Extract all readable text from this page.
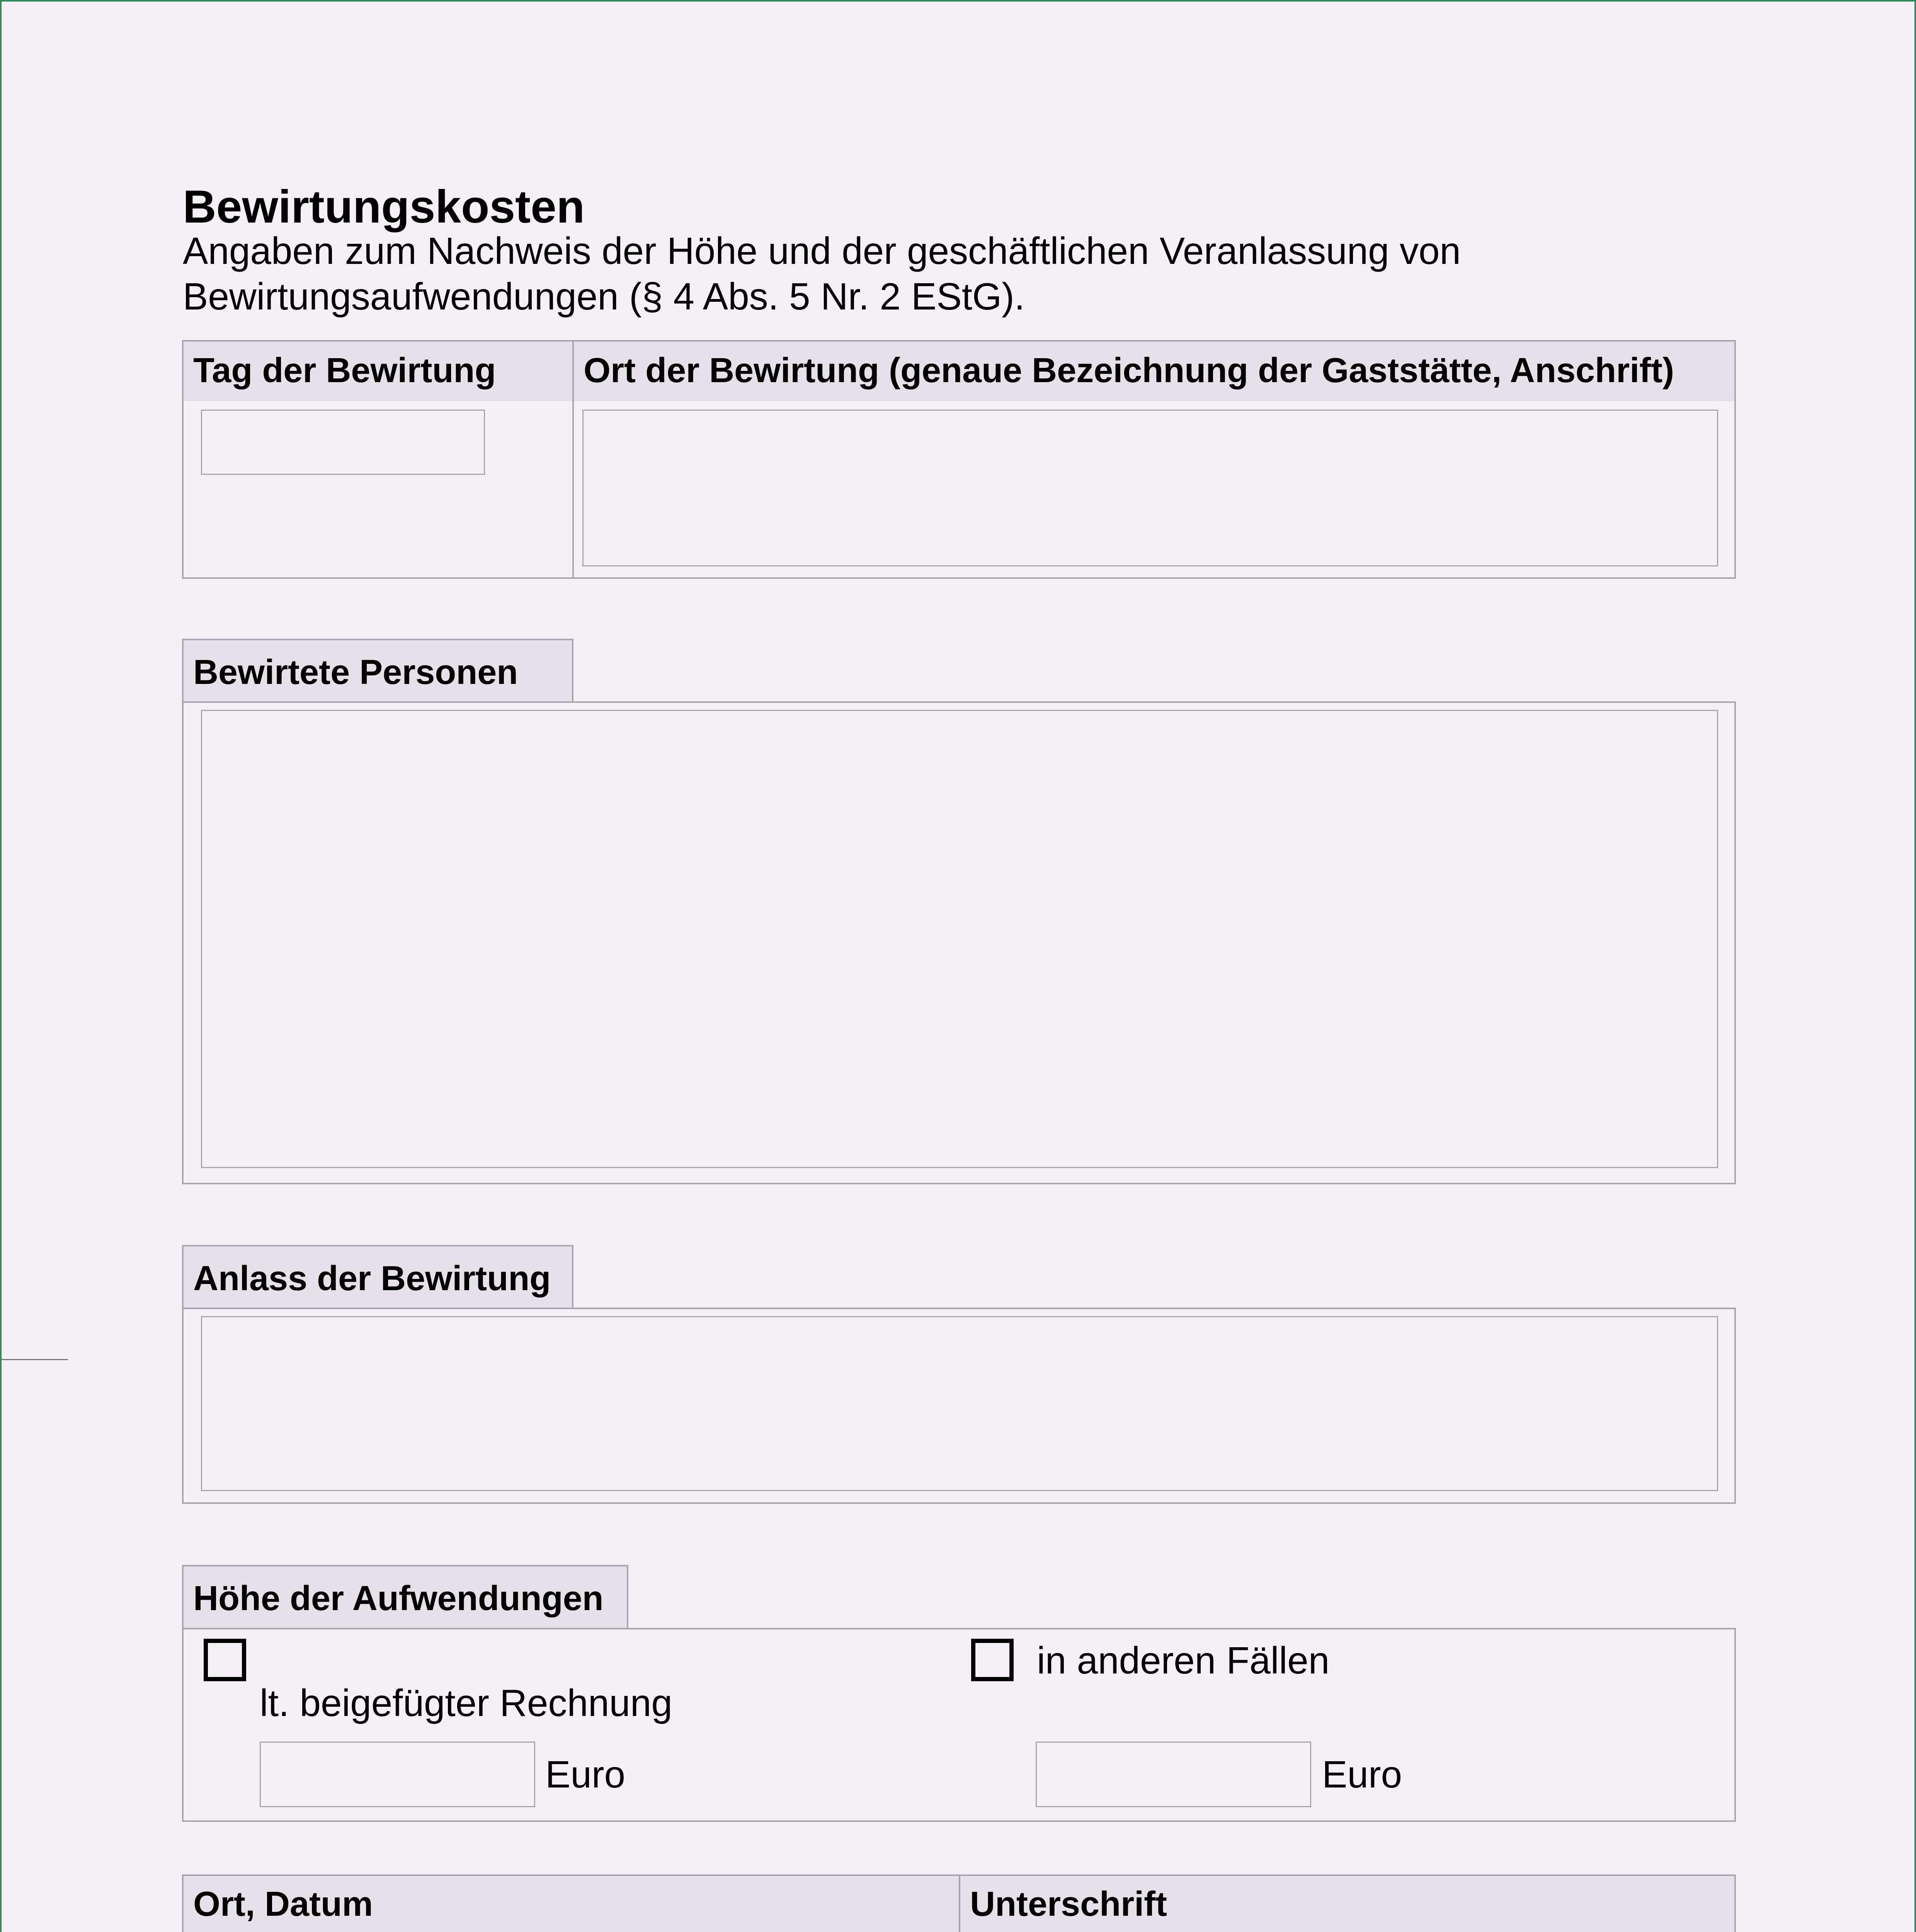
Bewirtungskosten
Angaben zum Nachweis der Höhe und der geschäftlichen Veranlassung von Bewirtungsaufwendungen (§ 4 Abs. 5 Nr. 2 EStG).
Tag der Bewirtung	Ort der Bewirtung (genaue Bezeichnung der Gaststätte, Anschrift)
Bewirtete Personen
Anlass der Bewirtung
Höhe der Aufwendungen
lt. beigefügter Rechnung
Euro
in anderen Fällen
Euro
Ort, Datum	Unterschrift
